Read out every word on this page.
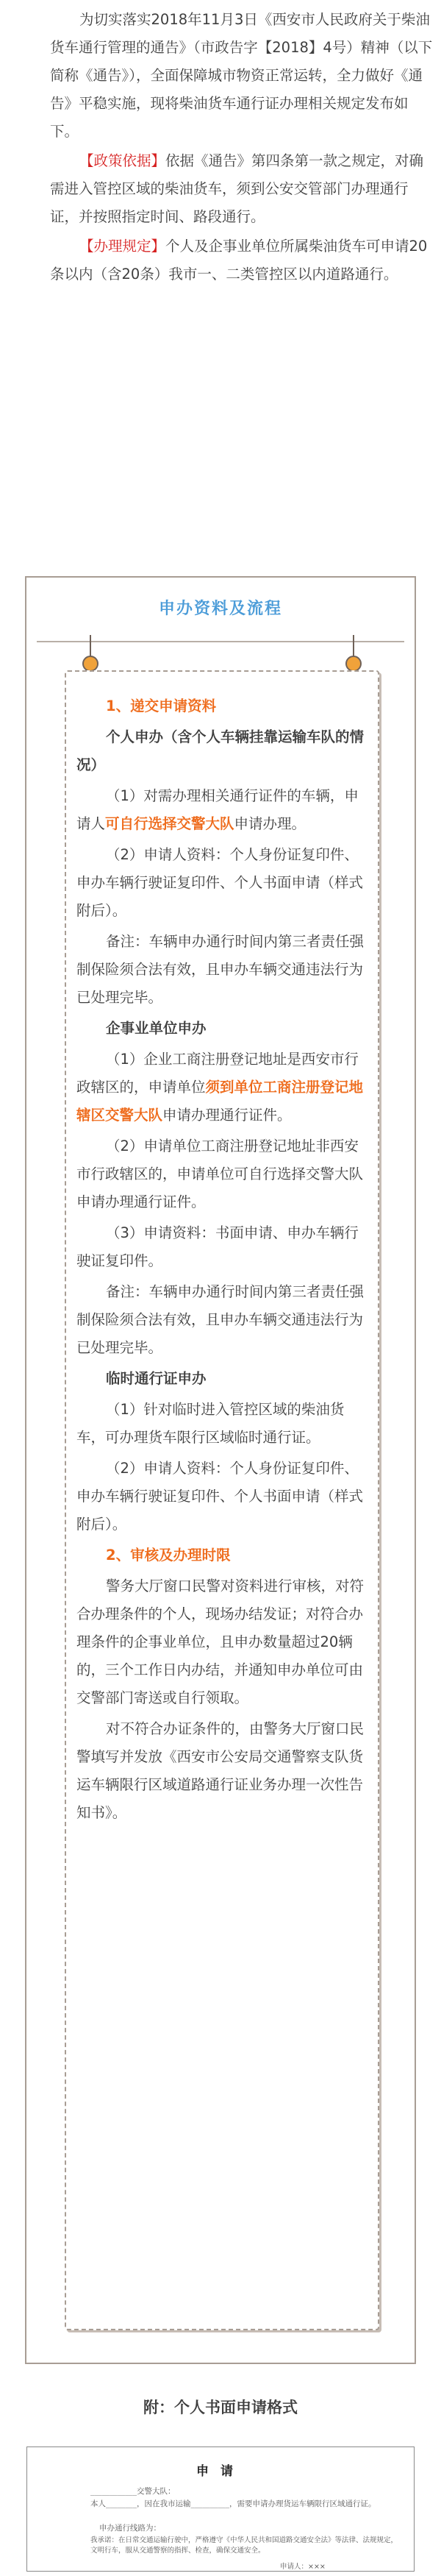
为切实落实2018年11月3日《西安市人民政府关于柴油货车通行管理的通告》（市政告字【2018】4号）精神（以下简称《通告》），全面保障城市物资正常运转，全力做好《通告》平稳实施，现将柴油货车通行证办理相关规定发布如下。

【政策依据】依据《通告》第四条第一款之规定，对确需进入管控区域的柴油货车，须到公安交管部门办理通行证，并按照指定时间、路段通行。

【办理规定】个人及企事业单位所属柴油货车可申请20条以内（含20条）我市一、二类管控区以内道路通行。

申办资料及流程

1、递交申请资料

个人申办（含个人车辆挂靠运输车队的情况）

（1）对需办理相关通行证件的车辆，申请人可自行选择交警大队申请办理。

（2）申请人资料：个人身份证复印件、申办车辆行驶证复印件、个人书面申请（样式附后）。

备注：车辆申办通行时间内第三者责任强制保险须合法有效，且申办车辆交通违法行为已处理完毕。

企事业单位申办

（1）企业工商注册登记地址是西安市行政辖区的，申请单位须到单位工商注册登记地辖区交警大队申请办理通行证件。

（2）申请单位工商注册登记地址非西安市行政辖区的，申请单位可自行选择交警大队申请办理通行证件。

（3）申请资料：书面申请、申办车辆行驶证复印件。

备注：车辆申办通行时间内第三者责任强制保险须合法有效，且申办车辆交通违法行为已处理完毕。

临时通行证申办

（1）针对临时进入管控区域的柴油货车，可办理货车限行区域临时通行证。

（2）申请人资料：个人身份证复印件、申办车辆行驶证复印件、个人书面申请（样式附后）。

2、审核及办理时限

警务大厅窗口民警对资料进行审核，对符合办理条件的个人，现场办结发证；对符合办理条件的企事业单位，且申办数量超过20辆的，三个工作日内办结，并通知申办单位可由交警部门寄送或自行领取。

对不符合办证条件的，由警务大厅窗口民警填写并发放《西安市公安局交通警察支队货运车辆限行区域道路通行证业务办理一次性告知书》。

附：个人书面申请格式
申请
____________交警大队：
本人________，因在我市运输__________，需要申请办理货运车辆限行区域通行证。
申办通行线路为：
我承诺：在日常交通运输行驶中，严格遵守《中华人民共和国道路交通安全法》等法律、法规规定，文明行车，服从交通警察的指挥、检查，确保交通安全。
申请人：×××
